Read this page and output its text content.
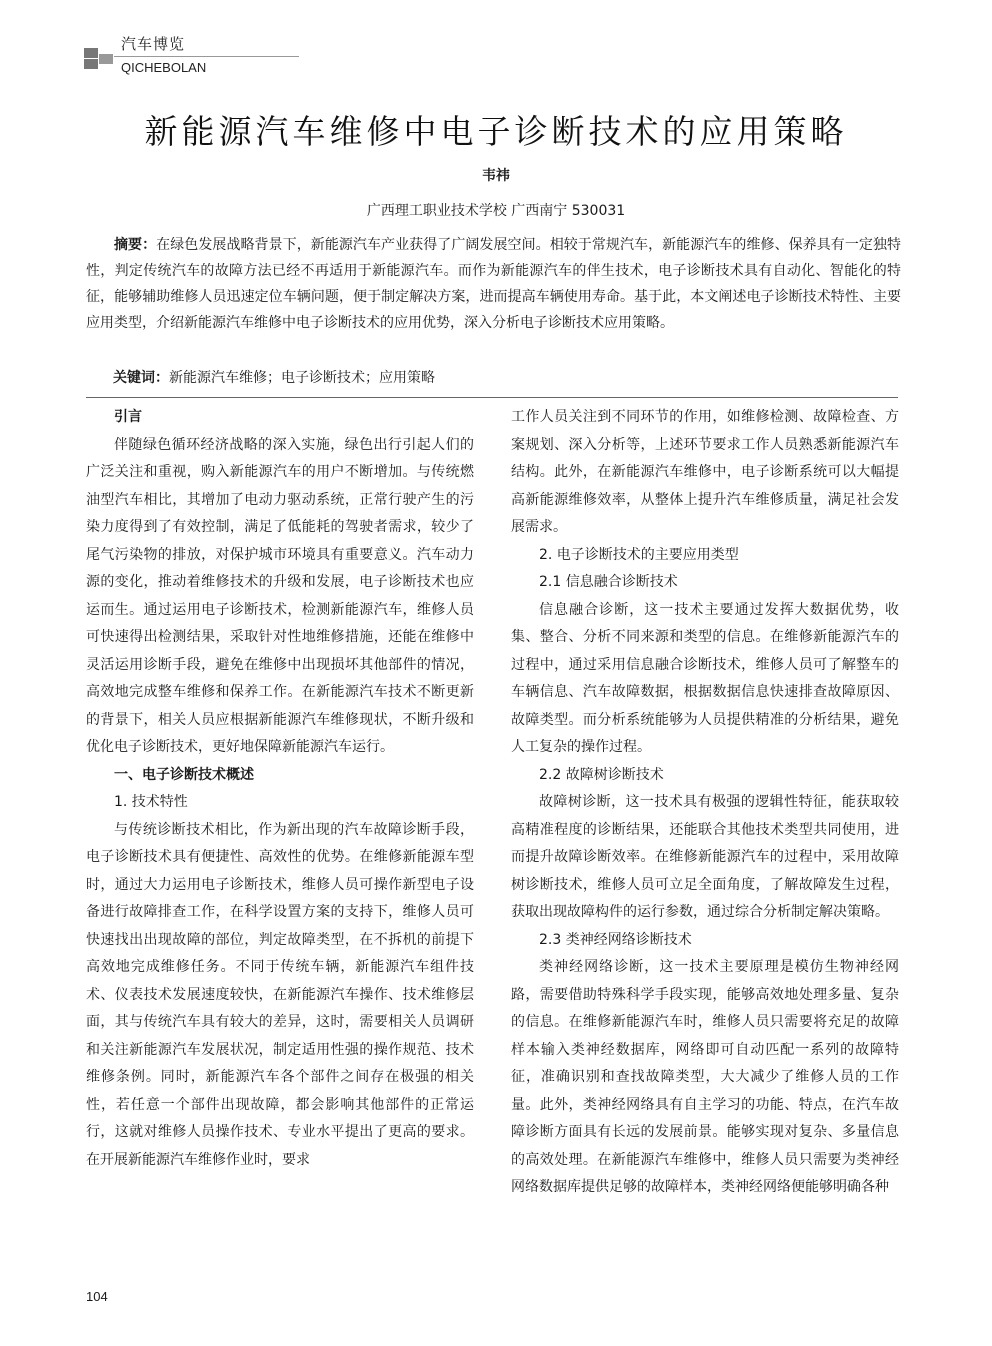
汽车博览
QICHEBOLAN
新能源汽车维修中电子诊断技术的应用策略
韦祎
广西理工职业技术学校 广西南宁 530031
摘要：在绿色发展战略背景下，新能源汽车产业获得了广阔发展空间。相较于常规汽车，新能源汽车的维修、保养具有一定独特性，判定传统汽车的故障方法已经不再适用于新能源汽车。而作为新能源汽车的伴生技术，电子诊断技术具有自动化、智能化的特征，能够辅助维修人员迅速定位车辆问题，便于制定解决方案，进而提高车辆使用寿命。基于此，本文阐述电子诊断技术特性、主要应用类型，介绍新能源汽车维修中电子诊断技术的应用优势，深入分析电子诊断技术应用策略。
关键词：新能源汽车维修；电子诊断技术；应用策略

引言

伴随绿色循环经济战略的深入实施，绿色出行引起人们的广泛关注和重视，购入新能源汽车的用户不断增加。与传统燃油型汽车相比，其增加了电动力驱动系统，正常行驶产生的污染力度得到了有效控制，满足了低能耗的驾驶者需求，较少了尾气污染物的排放，对保护城市环境具有重要意义。汽车动力源的变化，推动着维修技术的升级和发展，电子诊断技术也应运而生。通过运用电子诊断技术，检测新能源汽车，维修人员可快速得出检测结果，采取针对性地维修措施，还能在维修中灵活运用诊断手段，避免在维修中出现损坏其他部件的情况，高效地完成整车维修和保养工作。在新能源汽车技术不断更新的背景下，相关人员应根据新能源汽车维修现状，不断升级和优化电子诊断技术，更好地保障新能源汽车运行。

一、电子诊断技术概述

1. 技术特性

与传统诊断技术相比，作为新出现的汽车故障诊断手段，电子诊断技术具有便捷性、高效性的优势。在维修新能源车型时，通过大力运用电子诊断技术，维修人员可操作新型电子设备进行故障排查工作，在科学设置方案的支持下，维修人员可快速找出出现故障的部位，判定故障类型，在不拆机的前提下高效地完成维修任务。不同于传统车辆，新能源汽车组件技术、仪表技术发展速度较快，在新能源汽车操作、技术维修层面，其与传统汽车具有较大的差异，这时，需要相关人员调研和关注新能源汽车发展状况，制定适用性强的操作规范、技术维修条例。同时，新能源汽车各个部件之间存在极强的相关性，若任意一个部件出现故障，都会影响其他部件的正常运行，这就对维修人员操作技术、专业水平提出了更高的要求。在开展新能源汽车维修作业时，要求

工作人员关注到不同环节的作用，如维修检测、故障检查、方案规划、深入分析等，上述环节要求工作人员熟悉新能源汽车结构。此外，在新能源汽车维修中，电子诊断系统可以大幅提高新能源维修效率，从整体上提升汽车维修质量，满足社会发展需求。

2. 电子诊断技术的主要应用类型

2.1 信息融合诊断技术

信息融合诊断，这一技术主要通过发挥大数据优势，收集、整合、分析不同来源和类型的信息。在维修新能源汽车的过程中，通过采用信息融合诊断技术，维修人员可了解整车的车辆信息、汽车故障数据，根据数据信息快速排查故障原因、故障类型。而分析系统能够为人员提供精准的分析结果，避免人工复杂的操作过程。

2.2 故障树诊断技术

故障树诊断，这一技术具有极强的逻辑性特征，能获取较高精准程度的诊断结果，还能联合其他技术类型共同使用，进而提升故障诊断效率。在维修新能源汽车的过程中，采用故障树诊断技术，维修人员可立足全面角度，了解故障发生过程，获取出现故障构件的运行参数，通过综合分析制定解决策略。

2.3 类神经网络诊断技术

类神经网络诊断，这一技术主要原理是模仿生物神经网路，需要借助特殊科学手段实现，能够高效地处理多量、复杂的信息。在维修新能源汽车时，维修人员只需要将充足的故障样本输入类神经数据库，网络即可自动匹配一系列的故障特征，准确识别和查找故障类型，大大减少了维修人员的工作量。此外，类神经网络具有自主学习的功能、特点，在汽车故障诊断方面具有长远的发展前景。能够实现对复杂、多量信息的高效处理。在新能源汽车维修中，维修人员只需要为类神经网络数据库提供足够的故障样本，类神经网络便能够明确各种

104
